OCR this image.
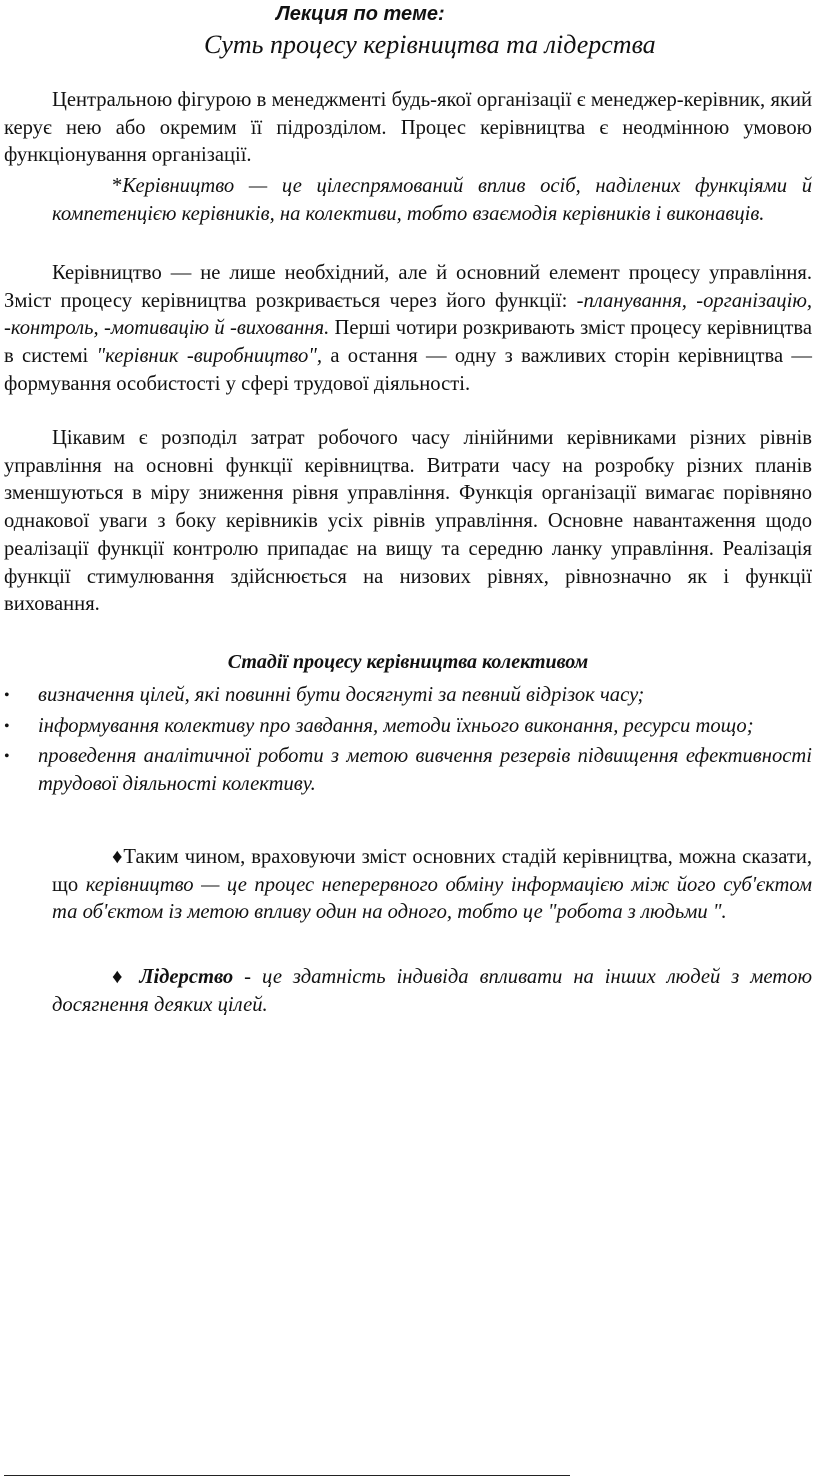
Лекция по теме:
Суть процесу керівництва та лідерства

Центральною фігурою в менеджменті будь-якої організації є менеджер-керівник, який керує нею або окремим її підрозділом. Процес керівництва є неодмінною умовою функціонування організації.

*Керівництво — це цілеспрямований вплив осіб, наділених функціями й компетенцією керівників, на колективи, тобто взаємодія керівників і виконавців.

Керівництво — не лише необхідний, але й основний елемент процесу управління. Зміст процесу керівництва розкривається через його функції: -планування, -організацію, -контроль, -мотивацію й -виховання. Перші чотири розкривають зміст процесу керівництва в системі "керівник -виробництво", а остання — одну з важливих сторін керівництва — формування особистості у сфері трудової діяльності.

Цікавим є розподіл затрат робочого часу лінійними керівниками різних рівнів управління на основні функції керівництва. Витрати часу на розробку різних планів зменшуються в міру зниження рівня управління. Функція організації вимагає порівняно однакової уваги з боку керівників усіх рівнів управління. Основне навантаження щодо реалізації функції контролю припадає на вищу та середню ланку управління. Реалізація функції стимулювання здійснюється на низових рівнях, рівнозначно як і функції виховання.

Стадії процесу керівництва колективом
• визначення цілей, які повинні бути досягнуті за певний відрізок часу;
• інформування колективу про завдання, методи їхнього виконання, ресурси тощо;
• проведення аналітичної роботи з метою вивчення резервів підвищення ефективності трудової діяльності колективу.

♦Таким чином, враховуючи зміст основних стадій керівництва, можна сказати, що керівництво — це процес неперервного обміну інформацією між його суб'єктом та об'єктом із метою впливу один на одного, тобто це "робота з людьми ".

♦ Лідерство - це здатність індивіда впливати на інших людей з метою досягнення деяких цілей.
